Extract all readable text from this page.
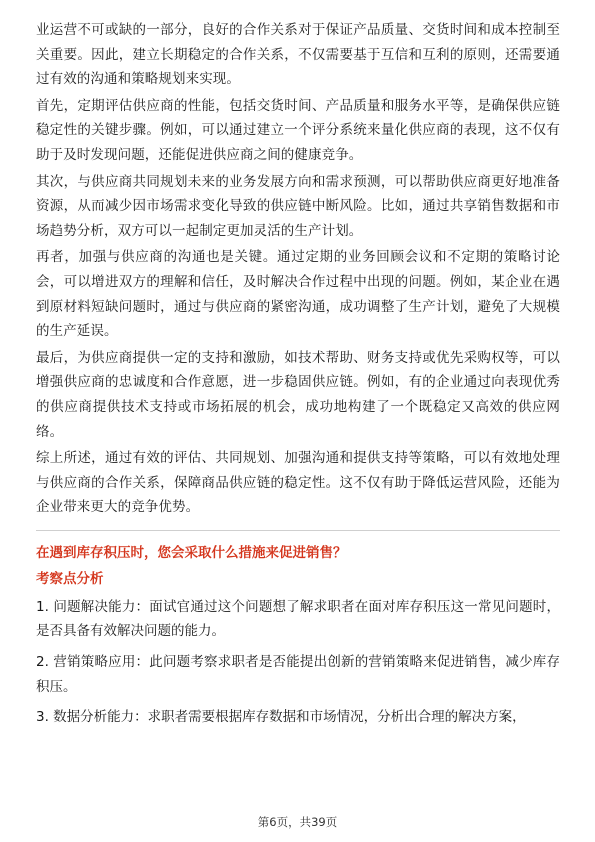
业运营不可或缺的一部分，良好的合作关系对于保证产品质量、交货时间和成本控制至关重要。因此，建立长期稳定的合作关系，不仅需要基于互信和互利的原则，还需要通过有效的沟通和策略规划来实现。

首先，定期评估供应商的性能，包括交货时间、产品质量和服务水平等，是确保供应链稳定性的关键步骤。例如，可以通过建立一个评分系统来量化供应商的表现，这不仅有助于及时发现问题，还能促进供应商之间的健康竞争。

其次，与供应商共同规划未来的业务发展方向和需求预测，可以帮助供应商更好地准备资源，从而减少因市场需求变化导致的供应链中断风险。比如，通过共享销售数据和市场趋势分析，双方可以一起制定更加灵活的生产计划。

再者，加强与供应商的沟通也是关键。通过定期的业务回顾会议和不定期的策略讨论会，可以增进双方的理解和信任，及时解决合作过程中出现的问题。例如，某企业在遇到原材料短缺问题时，通过与供应商的紧密沟通，成功调整了生产计划，避免了大规模的生产延误。

最后，为供应商提供一定的支持和激励，如技术帮助、财务支持或优先采购权等，可以增强供应商的忠诚度和合作意愿，进一步稳固供应链。例如，有的企业通过向表现优秀的供应商提供技术支持或市场拓展的机会，成功地构建了一个既稳定又高效的供应网络。

综上所述，通过有效的评估、共同规划、加强沟通和提供支持等策略，可以有效地处理与供应商的合作关系，保障商品供应链的稳定性。这不仅有助于降低运营风险，还能为企业带来更大的竞争优势。

在遇到库存积压时，您会采取什么措施来促进销售？

考察点分析

1. 问题解决能力：面试官通过这个问题想了解求职者在面对库存积压这一常见问题时，是否具备有效解决问题的能力。

2. 营销策略应用：此问题考察求职者是否能提出创新的营销策略来促进销售，减少库存积压。

3. 数据分析能力：求职者需要根据库存数据和市场情况，分析出合理的解决方案，

第6页，共39页
